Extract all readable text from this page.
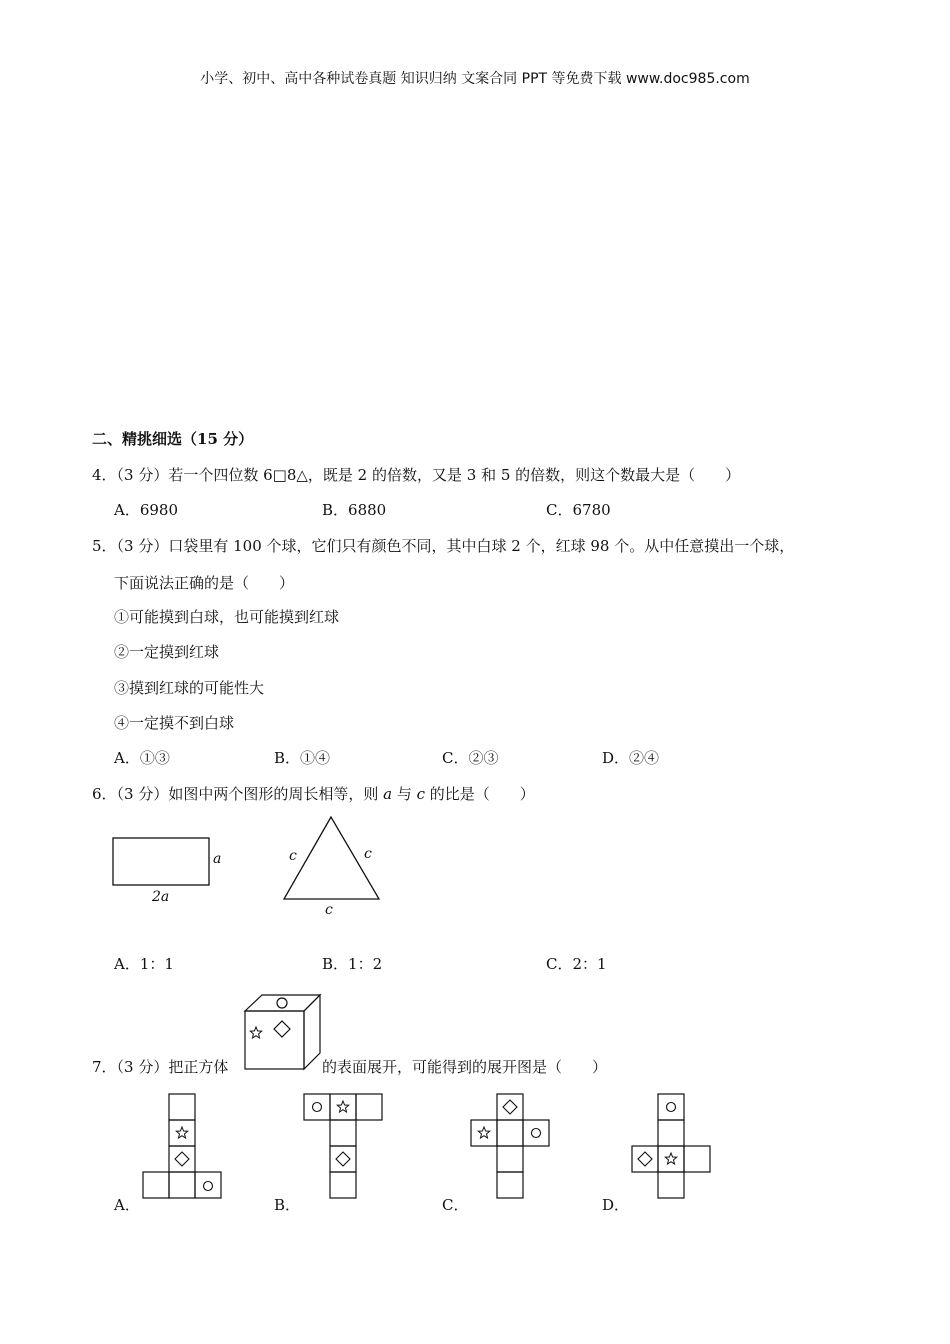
小学、初中、高中各种试卷真题 知识归纳 文案合同 PPT 等免费下载 www.doc985.com
二、精挑细选（15 分）
4．（3 分）若一个四位数 6□8△，既是 2 的倍数，又是 3 和 5 的倍数，则这个数最大是（　　）
A．6980	B．6880	C．6780
5．（3 分）口袋里有 100 个球，它们只有颜色不同，其中白球 2 个，红球 98 个。从中任意摸出一个球，
下面说法正确的是（　　）
①可能摸到白球，也可能摸到红球
②一定摸到红球
③摸到红球的可能性大
④一定摸不到白球
A．①③	B．①④	C．②③	D．②④
6．（3 分）如图中两个图形的周长相等，则 a 与 c 的比是（　　）
a
2a
c	c
c
A．1：1	B．1：2	C．2：1
7．（3 分）把正方体	的表面展开，可能得到的展开图是（　　）
A．	B．	C．	D．
